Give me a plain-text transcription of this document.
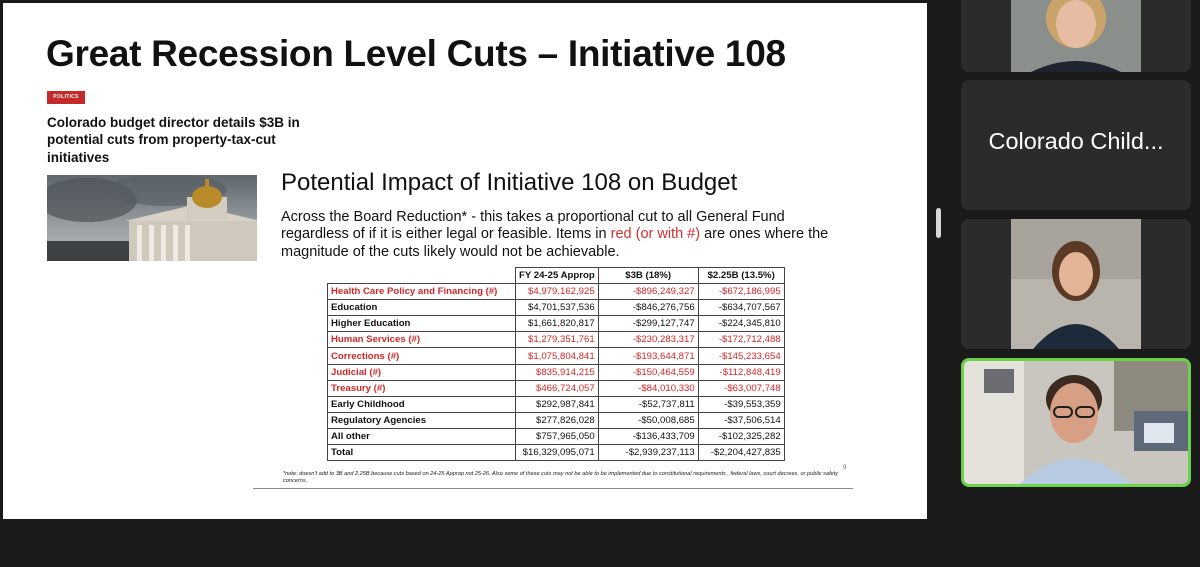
Great Recession Level Cuts – Initiative 108
POLITICS
Colorado budget director details $3B in potential cuts from property-tax-cut initiatives
Potential Impact of Initiative 108 on Budget
Across the Board Reduction* - this takes a proportional cut to all General Fund regardless of if it is either legal or feasible. Items in red (or with #) are ones where the magnitude of the cuts likely would not be achievable.
	FY 24-25 Approp	$3B (18%)	$2.25B (13.5%)
Health Care Policy and Financing (#)	$4,979,162,925	-$896,249,327	-$672,186,995
Education	$4,701,537,536	-$846,276,756	-$634,707,567
Higher Education	$1,661,820,817	-$299,127,747	-$224,345,810
Human Services (#)	$1,279,351,761	-$230,283,317	-$172,712,488
Corrections (#)	$1,075,804,841	-$193,644,871	-$145,233,654
Judicial (#)	$835,914,215	-$150,464,559	-$112,848,419
Treasury (#)	$466,724,057	-$84,010,330	-$63,007,748
Early Childhood	$292,987,841	-$52,737,811	-$39,553,359
Regulatory Agencies	$277,826,028	-$50,008,685	-$37,506,514
All other	$757,965,050	-$136,433,709	-$102,325,282
Total	$16,329,095,071	-$2,939,237,113	-$2,204,427,835
9
*note: doesn't add to 3B and 2.25B because cuts based on 24-25 Approp not 25-26. Also some of these cuts may not be able to be implemented due to constitutional requirements , federal laws, court decrees, or public safety concerns.
Colorado Child...
